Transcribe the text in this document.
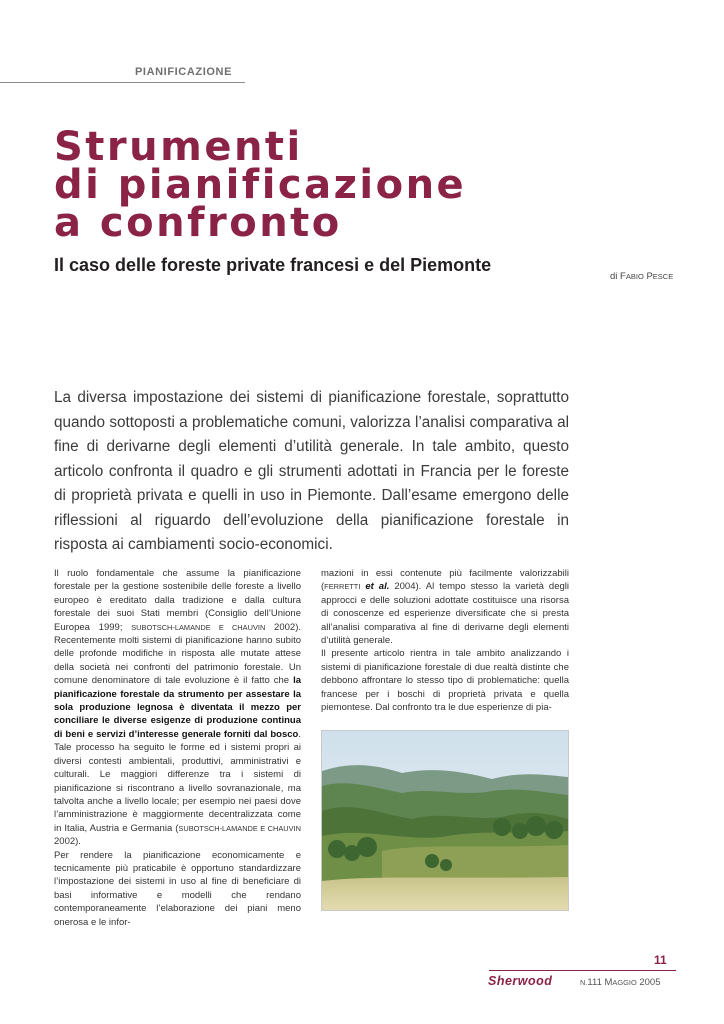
PIANIFICAZIONE
Strumenti
di pianificazione
a confronto
Il caso delle foreste private francesi e del Piemonte
di FABIO PESCE

La diversa impostazione dei sistemi di pianificazione forestale, soprattutto quando sottoposti a problematiche comuni, valorizza l’analisi comparativa al fine di derivarne degli elementi d’utilità generale. In tale ambito, questo articolo confronta il quadro e gli strumenti adottati in Francia per le foreste di proprietà privata e quelli in uso in Piemonte. Dall’esame emergono delle riflessioni al riguardo dell’evoluzione della pianificazione forestale in risposta ai cambiamenti socio-economici.

Il ruolo fondamentale che assume la pianificazione forestale per la gestione sostenibile delle foreste a livello europeo è ereditato dalla tradizione e dalla cultura forestale dei suoi Stati membri (Consiglio dell’Unione Europea 1999; SUBOTSCH-LAMANDE E CHAUVIN 2002). Recentemente molti sistemi di pianificazione hanno subito delle profonde modifiche in risposta alle mutate attese della società nei confronti del patrimonio forestale. Un comune denominatore di tale evoluzione è il fatto che la pianificazione forestale da strumento per assestare la sola produzione legnosa è diventata il mezzo per conciliare le diverse esigenze di produzione continua di beni e servizi d’interesse generale forniti dal bosco. Tale processo ha seguito le forme ed i sistemi propri ai diversi contesti ambientali, produttivi, amministrativi e culturali. Le maggiori differenze tra i sistemi di pianificazione si riscontrano a livello sovranazionale, ma talvolta anche a livello locale; per esempio nei paesi dove l’amministrazione è maggiormente decentralizzata come in Italia, Austria e Germania (SUBOTSCH-LAMANDE E CHAUVIN 2002).

Per rendere la pianificazione economicamente e tecnicamente più praticabile è opportuno standardizzare l’impostazione dei sistemi in uso al fine di beneficiare di basi informative e modelli che rendano contemporaneamente l’elaborazione dei piani meno onerosa e le infor-

mazioni in essi contenute più facilmente valorizzabili (FERRETTI et al. 2004). Al tempo stesso la varietà degli approcci e delle soluzioni adottate costituisce una risorsa di conoscenze ed esperienze diversificate che si presta all’analisi comparativa al fine di derivarne degli elementi d’utilità generale.

Il presente articolo rientra in tale ambito analizzando i sistemi di pianificazione forestale di due realtà distinte che debbono affrontare lo stesso tipo di problematiche: quella francese per i boschi di proprietà privata e quella piemontese. Dal confronto tra le due esperienze di pia-

11
Sherwood	N.111 MAGGIO 2005
